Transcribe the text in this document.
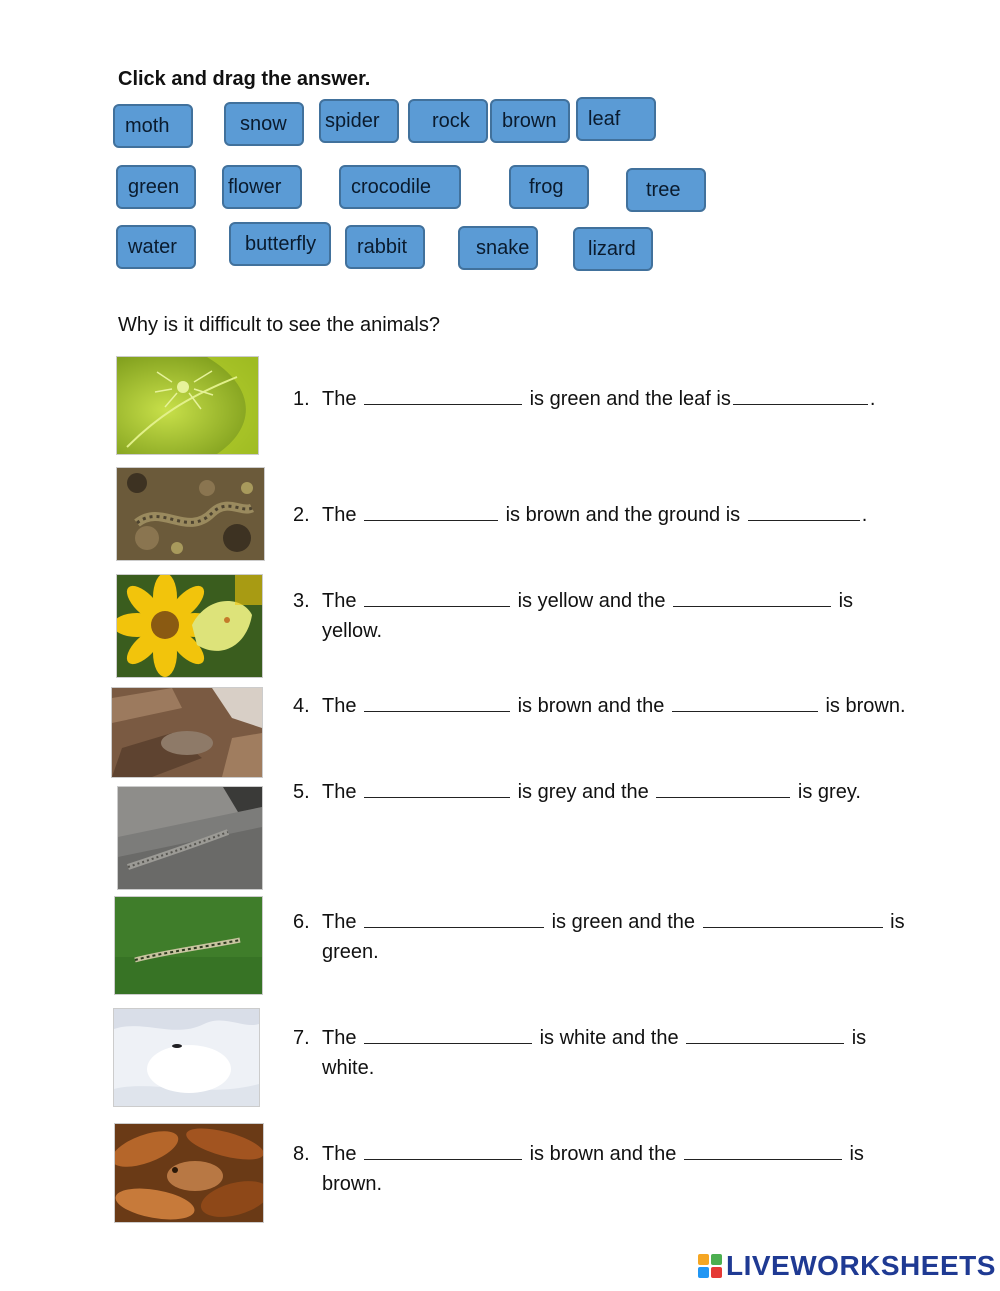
Click and drag the answer.
moth	snow	spider	rock	brown	leaf
green	flower	crocodile	frog	tree
water	butterfly	rabbit	snake	lizard
Why is it difficult to see the animals?
1. The	is green and the leaf is	.
2. The	is brown and the ground is	.
3. The	is yellow and the	is
yellow.
4. The	is brown and the	is brown.
5. The	is grey and the	is grey.
6. The	is green and the	is
green.
7. The	is white and the	is
white.
8. The	is brown and the	is
brown.
LIVEWORKSHEETS
